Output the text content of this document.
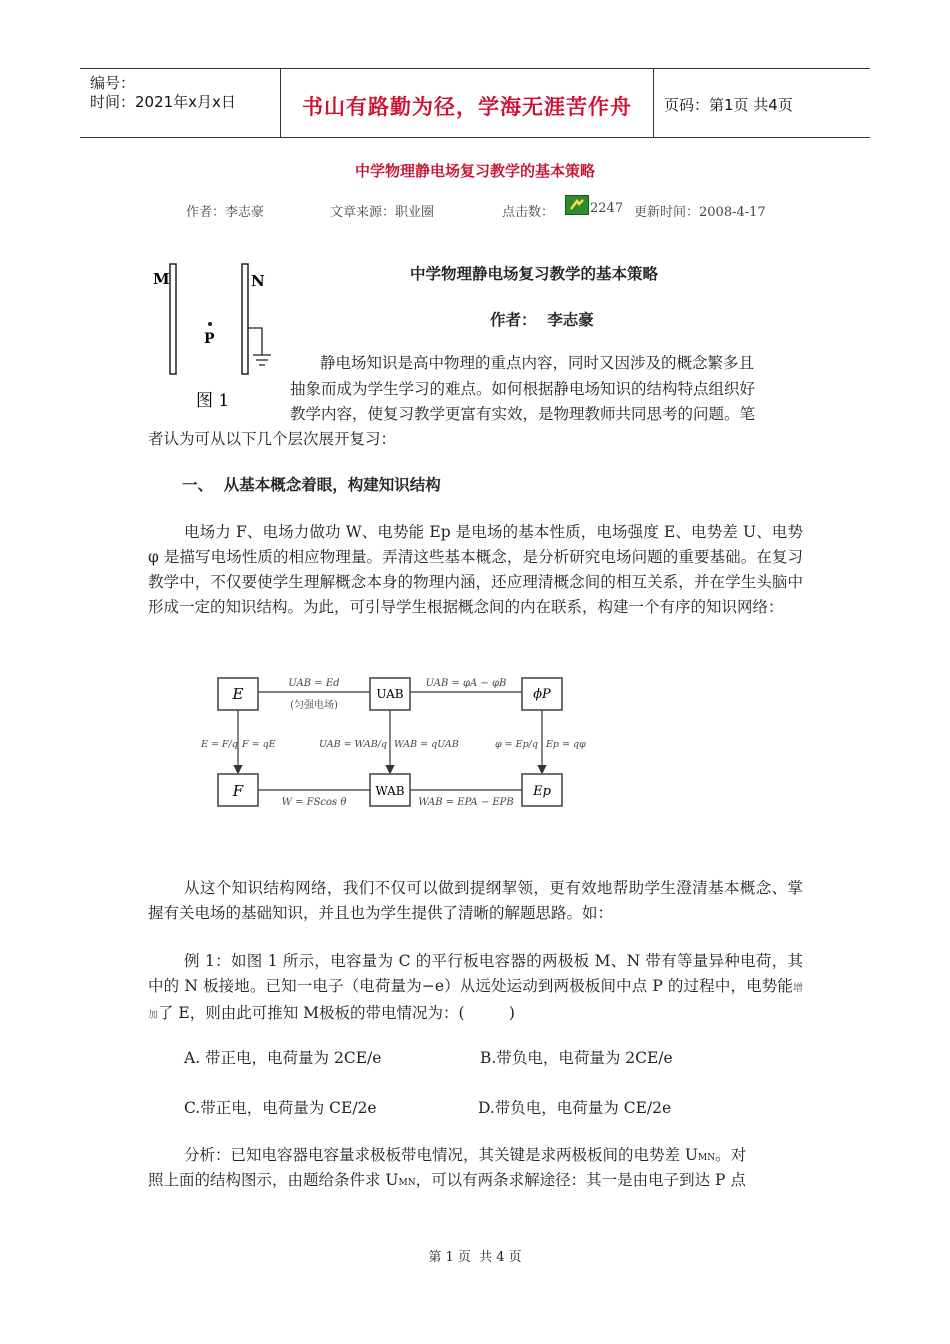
编号：
时间：2021年x月x日	书山有路勤为径，学海无涯苦作舟	页码：第1页 共4页
中学物理静电场复习教学的基本策略
作者：李志豪	文章来源：职业圈	点击数：	2247 更新时间：2008-4-17
M	N
P
图 1
中学物理静电场复习教学的基本策略
作者：  李志豪
静电场知识是高中物理的重点内容，同时又因涉及的概念繁多且
抽象而成为学生学习的难点。如何根据静电场知识的结构特点组织好
教学内容，使复习教学更富有实效，是物理教师共同思考的问题。笔
者认为可从以下几个层次展开复习：
一、  从基本概念着眼，构建知识结构
电场力 F、电场力做功 W、电势能 Ep 是电场的基本性质，电场强度 E、电势差 U、电势 φ 是描写电场性质的相应物理量。弄清这些基本概念，是分析研究电场问题的重要基础。在复习教学中，不仅要使学生理解概念本身的物理内涵，还应理清概念间的相互关系，并在学生头脑中形成一定的知识结构。为此，可引导学生根据概念间的内在联系，构建一个有序的知识网络：
E	UAB	ϕP
F	WAB	Ep
UAB = Ed
(匀强电场)
UAB = φA − φB
E = F/q F = qE	UAB = WAB/q WAB = qUAB	φ = Ep/q Ep = qφ
W = FScos θ	WAB = EPA − EPB
从这个知识结构网络，我们不仅可以做到提纲挈领，更有效地帮助学生澄清基本概念、掌握有关电场的基础知识，并且也为学生提供了清晰的解题思路。如：
例 1：如图 1 所示，电容量为 C 的平行板电容器的两极板 M、N 带有等量异种电荷，其中的 N 板接地。已知一电子（电荷量为−e）从远处运动到两极板间中点 P 的过程中，电势能增加了 E，则由此可推知 M极板的带电情况为：(         )
A. 带正电，电荷量为 2CE/e	B.带负电，电荷量为 2CE/e
C.带正电，电荷量为 CE/2e	D.带负电，电荷量为 CE/2e
分析：已知电容器电容量求极板带电情况，其关键是求两极板间的电势差 UMN。对
照上面的结构图示，由题给条件求 UMN，可以有两条求解途径：其一是由电子到达 P 点
第 1 页  共 4 页
